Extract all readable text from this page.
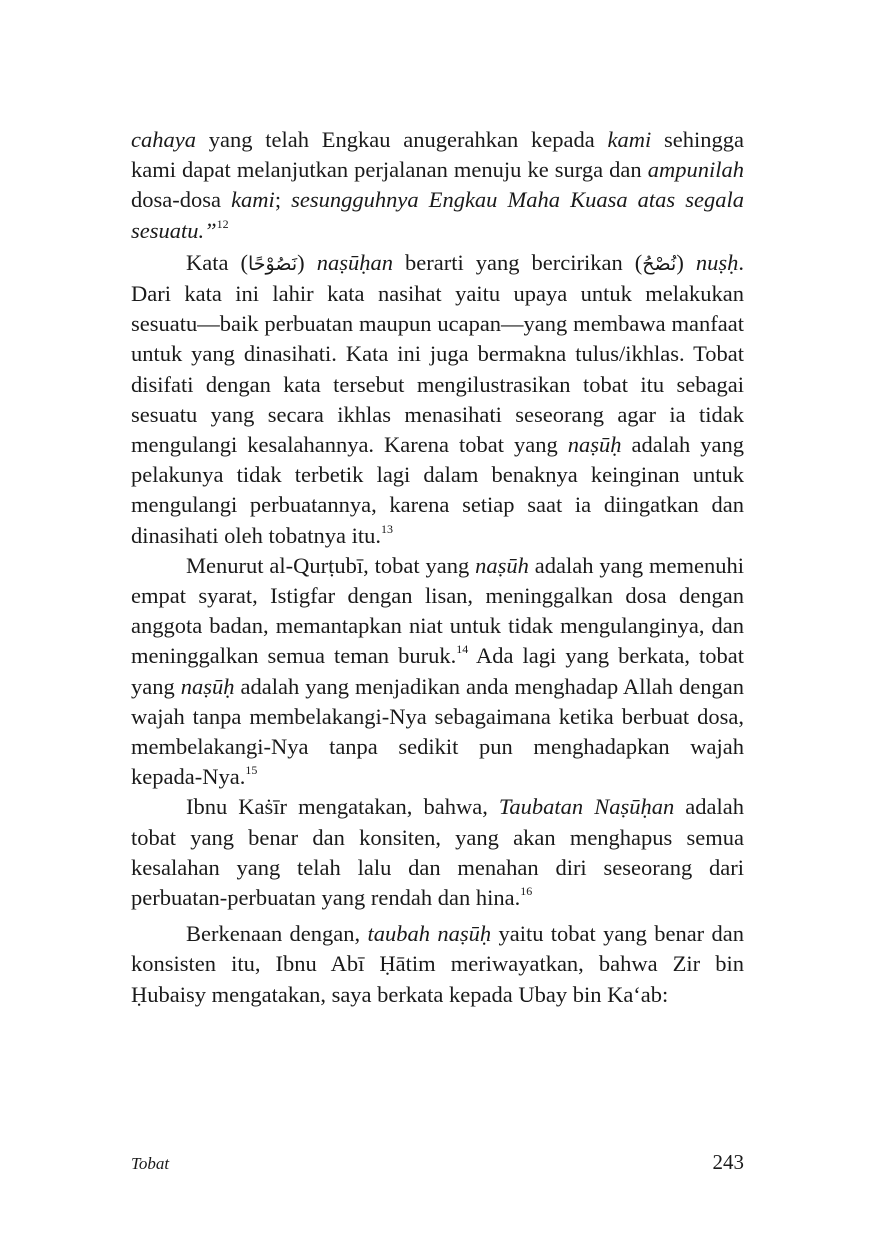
cahaya yang telah Engkau anugerahkan kepada kami sehingga kami dapat melanjutkan perjalanan menuju ke surga dan ampunilah dosa-dosa kami; sesungguhnya Engkau Maha Kuasa atas segala sesuatu.”$^{12}$

Kata (نَصُوْحًا) naṣūḥan berarti yang bercirikan (نُصْحُ) nuṣḥ. Dari kata ini lahir kata nasihat yaitu upaya untuk melakukan sesuatu—baik perbuatan maupun ucapan—yang membawa manfaat untuk yang dinasihati. Kata ini juga bermakna tulus/ikhlas. Tobat disifati dengan kata tersebut mengilustrasikan tobat itu sebagai sesuatu yang secara ikhlas menasihati seseorang agar ia tidak mengulangi kesalahannya. Karena tobat yang naṣūḥ adalah yang pelakunya tidak terbetik lagi dalam benaknya keinginan untuk mengulangi perbuatannya, karena setiap saat ia diingatkan dan dinasihati oleh tobatnya itu.$^{13}$

Menurut al-Qurṭubī, tobat yang naṣūh adalah yang memenuhi empat syarat, Istigfar dengan lisan, meninggalkan dosa dengan anggota badan, memantapkan niat untuk tidak mengulanginya, dan meninggalkan semua teman buruk.$^{14}$ Ada lagi yang berkata, tobat yang naṣūḥ adalah yang menjadikan anda menghadap Allah dengan wajah tanpa membelakangi-Nya sebagaimana ketika berbuat dosa, membelakangi-Nya tanpa sedikit pun menghadapkan wajah kepada-Nya.$^{15}$

Ibnu Kaṡīr mengatakan, bahwa, Taubatan Naṣūḥan adalah tobat yang benar dan konsiten, yang akan menghapus semua kesalahan yang telah lalu dan menahan diri seseorang dari perbuatan-perbuatan yang rendah dan hina.$^{16}$

Berkenaan dengan, taubah naṣūḥ yaitu tobat yang benar dan konsisten itu, Ibnu Abī Ḥātim meriwayatkan, bahwa Zir bin Ḥubaisy mengatakan, saya berkata kepada Ubay bin Ka‘ab:

Tobat	243
